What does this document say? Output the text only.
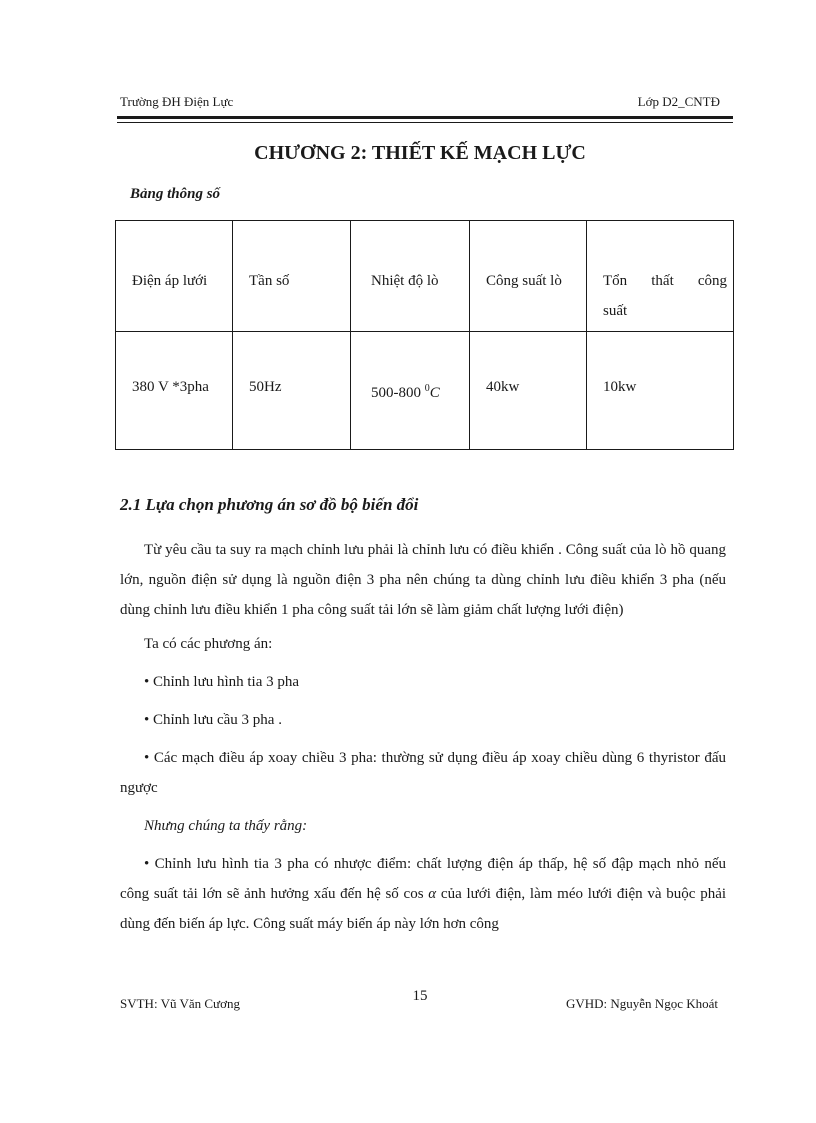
Trường ĐH Điện Lực	Lớp D2_CNTĐ
CHƯƠNG 2: THIẾT KẾ MẠCH LỰC
Bảng thông số
Điện áp lưới	Tần số	Nhiệt độ lò	Công suất lò	Tổn thất công
suất

380 V *3pha	50Hz	500-800 $^0$C	40kw	10kw
2.1 Lựa chọn phương án sơ đồ bộ biến đổi

Từ yêu cầu ta suy ra mạch chỉnh lưu phải là chỉnh lưu có điều khiển . Công suất của lò hồ quang lớn, nguồn điện sử dụng là nguồn điện 3 pha nên chúng ta dùng chỉnh lưu điều khiển 3 pha (nếu dùng chỉnh lưu điều khiển 1 pha công suất tải lớn sẽ làm giảm chất lượng lưới điện)

Ta có các phương án:

• Chỉnh lưu hình tia 3 pha

• Chỉnh lưu cầu 3 pha .

• Các mạch điều áp xoay chiều 3 pha: thường sử dụng điều áp xoay chiều dùng 6 thyristor đấu ngược

Nhưng chúng ta thấy rằng:

• Chỉnh lưu hình tia 3 pha có nhược điểm: chất lượng điện áp thấp, hệ số đập mạch nhỏ nếu công suất tải lớn sẽ ảnh hưởng xấu đến hệ số cos α của lưới điện, làm méo lưới điện và buộc phải dùng đến biến áp lực. Công suất máy biến áp này lớn hơn công

SVTH: Vũ Văn Cương	15	GVHD: Nguyễn Ngọc Khoát
